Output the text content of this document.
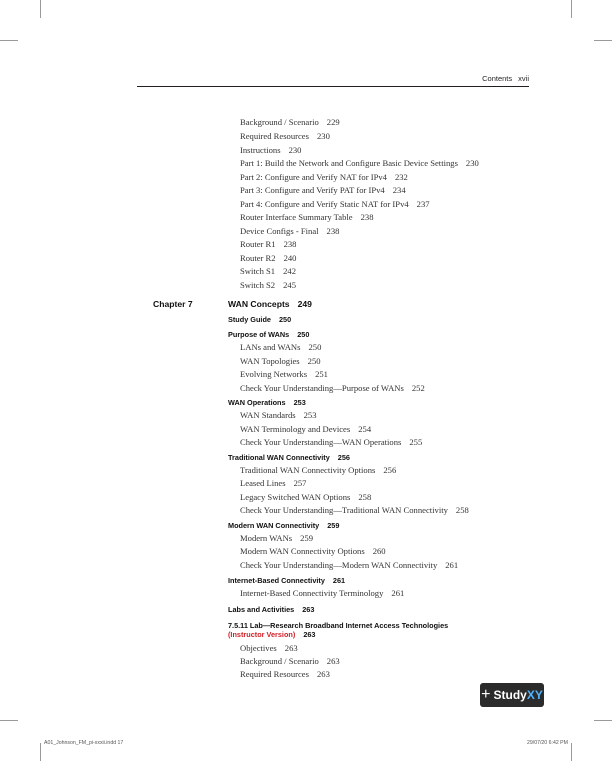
Contents xvii
Background / Scenario 229
Required Resources 230
Instructions 230
Part 1: Build the Network and Configure Basic Device Settings 230
Part 2: Configure and Verify NAT for IPv4 232
Part 3: Configure and Verify PAT for IPv4 234
Part 4: Configure and Verify Static NAT for IPv4 237
Router Interface Summary Table 238
Device Configs - Final 238
Router R1 238
Router R2 240
Switch S1 242
Switch S2 245
Chapter 7	WAN Concepts 249
Study Guide 250
Purpose of WANs 250
LANs and WANs 250
WAN Topologies 250
Evolving Networks 251
Check Your Understanding—Purpose of WANs 252
WAN Operations 253
WAN Standards 253
WAN Terminology and Devices 254
Check Your Understanding—WAN Operations 255
Traditional WAN Connectivity 256
Traditional WAN Connectivity Options 256
Leased Lines 257
Legacy Switched WAN Options 258
Check Your Understanding—Traditional WAN Connectivity 258
Modern WAN Connectivity 259
Modern WANs 259
Modern WAN Connectivity Options 260
Check Your Understanding—Modern WAN Connectivity 261
Internet-Based Connectivity 261
Internet-Based Connectivity Terminology 261
Labs and Activities 263
7.5.11 Lab—Research Broadband Internet Access Technologies
(Instructor Version) 263
Objectives 263
Background / Scenario 263
Required Resources 263
+ Study XY
A01_Johnson_FM_pi-xxxii.indd 17	29/07/20 6:42 PM
